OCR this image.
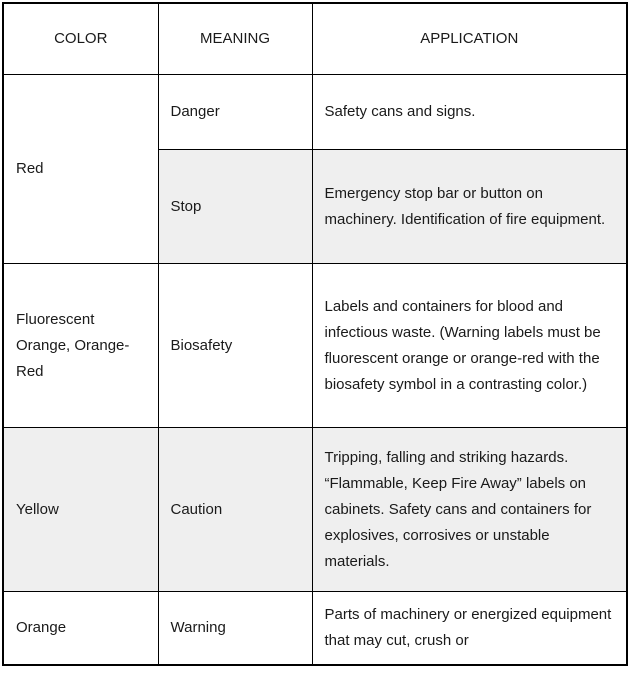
COLOR	MEANING	APPLICATION
Red	Danger	Safety cans and signs.
	Stop	Emergency stop bar or button on machinery. Identification of fire equipment.
Fluorescent Orange, Orange-Red	Biosafety	Labels and containers for blood and infectious waste. (Warning labels must be fluorescent orange or orange-red with the biosafety symbol in a contrasting color.)
Yellow	Caution	Tripping, falling and striking hazards. “Flammable, Keep Fire Away” labels on cabinets. Safety cans and containers for explosives, corrosives or unstable materials.
Orange	Warning	Parts of machinery or energized equipment that may cut, crush or
